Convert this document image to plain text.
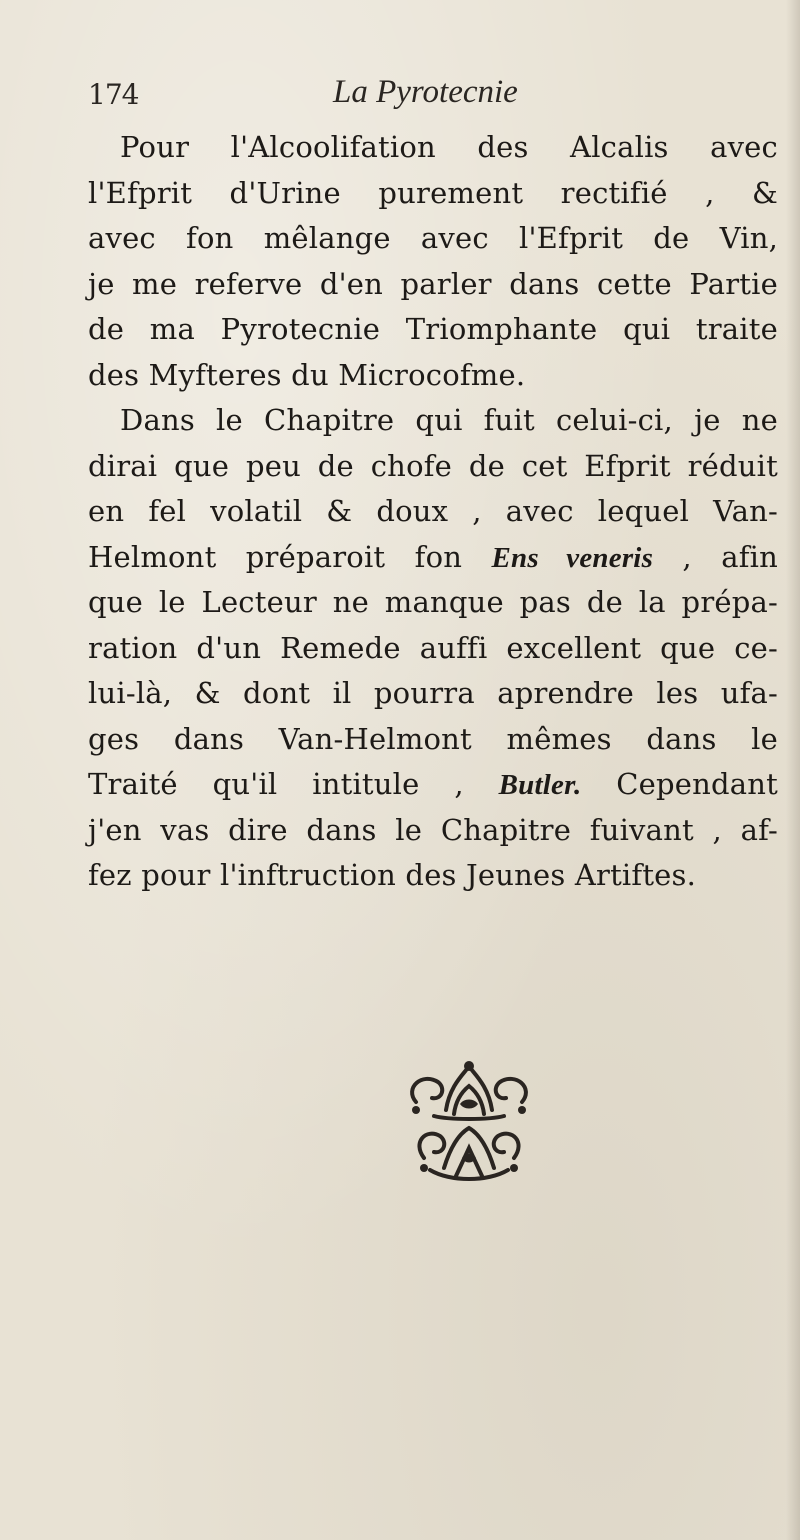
174	La Pyrotecnie
Pour l'Alcoolifation des Alcalis avec
l'Efprit d'Urine purement rectifié , &
avec fon mêlange avec l'Efprit de Vin,
je me referve d'en parler dans cette Partie
de ma Pyrotecnie Triomphante qui traite
des Myfteres du Microcofme.
Dans le Chapitre qui fuit celui-ci, je ne
dirai que peu de chofe de cet Efprit réduit
en fel volatil & doux , avec lequel Van-
Helmont préparoit fon Ens veneris , afin
que le Lecteur ne manque pas de la prépa-
ration d'un Remede auffi excellent que ce-
lui-là, & dont il pourra aprendre les ufa-
ges dans Van-Helmont mêmes dans le
Traité qu'il intitule , Butler. Cependant
j'en vas dire dans le Chapitre fuivant , af-
fez pour l'inftruction des Jeunes Artiftes.
